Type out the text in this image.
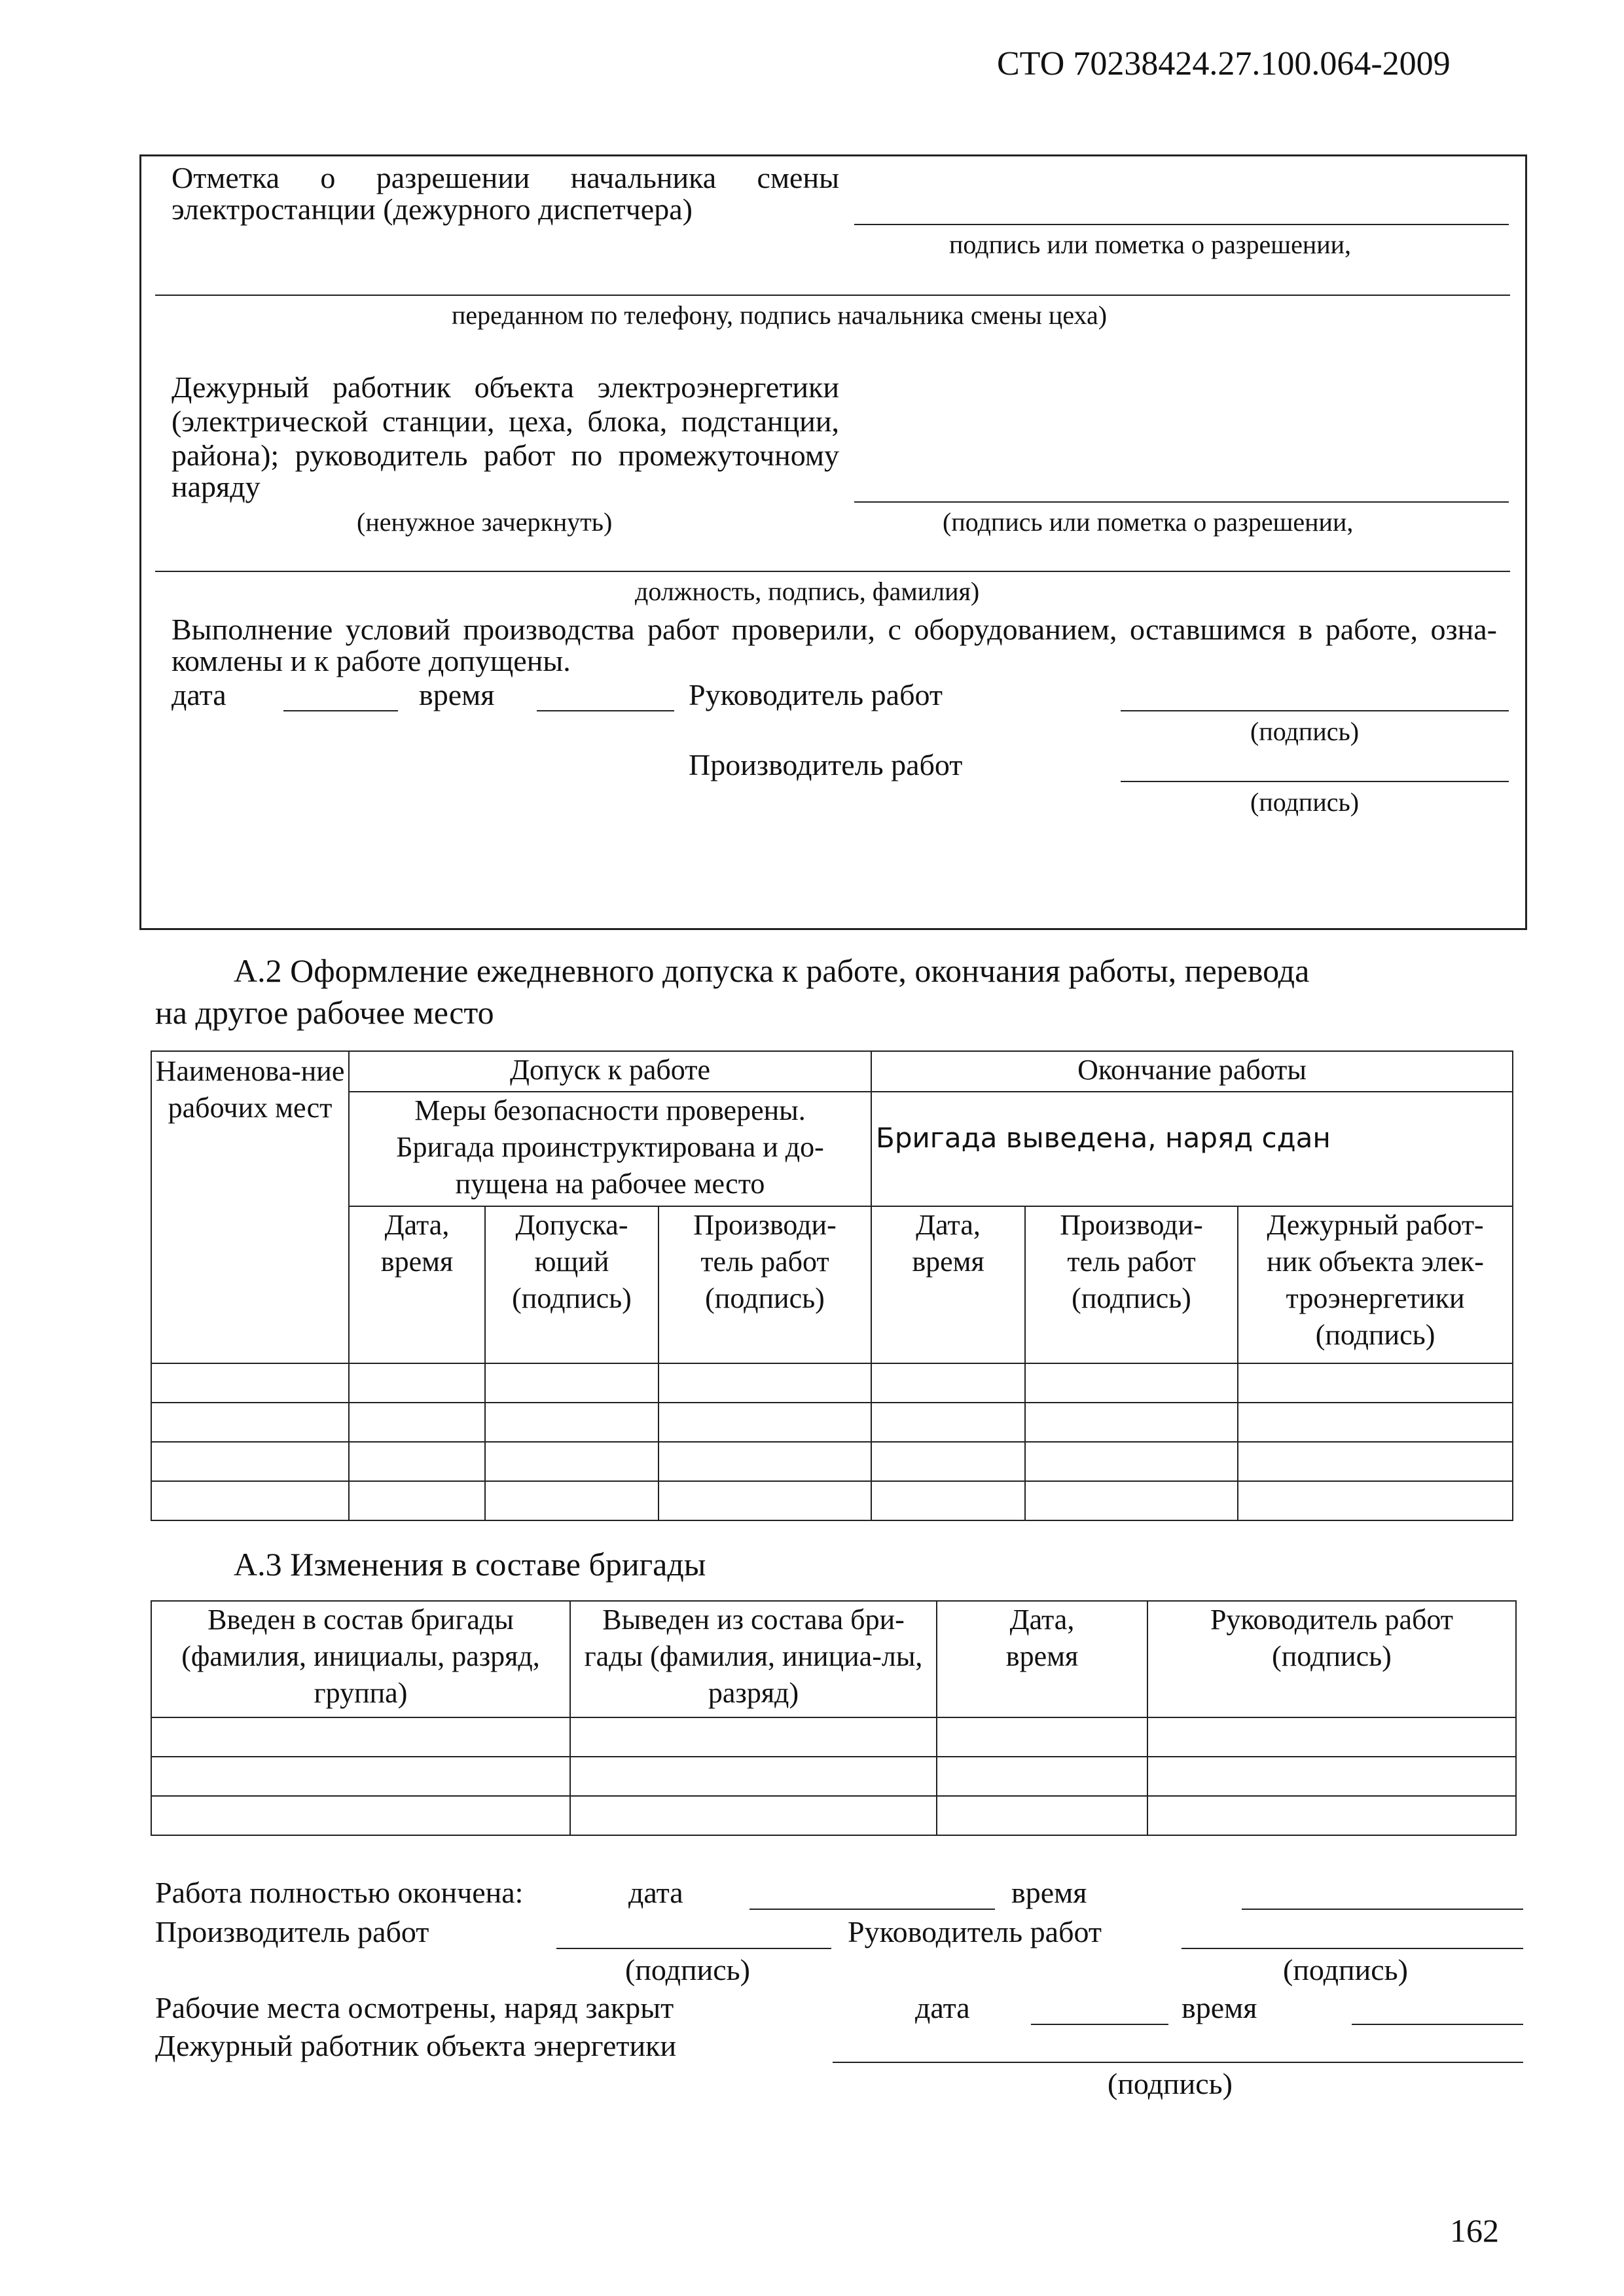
СТО 70238424.27.100.064-2009
Отметка о разрешении начальника смены
электростанции (дежурного диспетчера)
подпись или пометка о разрешении,
переданном по телефону, подпись начальника смены цеха)
Дежурный работник объекта электроэнергетики
(электрической станции, цеха, блока, подстанции,
района); руководитель работ по промежуточному
наряду
(ненужное зачеркнуть)	(подпись или пометка о разрешении,
должность, подпись, фамилия)
Выполнение условий производства работ проверили, с оборудованием, оставшимся в работе, озна-
комлены и к работе допущены.
дата	время	Руководитель работ
(подпись)
Производитель работ
(подпись)
А.2 Оформление ежедневного допуска к работе, окончания работы, перевода
на другое рабочее место
Наименова-ние рабочих мест	Допуск к работе			Окончание работы		
	Меры безопасности проверены. Бригада проинструктирована и до-пущена на рабочее место			Бригада выведена, наряд сдан		
	Дата, время	Допуска-ющий (подпись)	Производи-тель работ (подпись)	Дата, время	Производи-тель работ (подпись)	Дежурный работ-ник объекта элек-троэнергетики (подпись)

А.3 Изменения в составе бригады
Введен в состав бригады (фамилия, инициалы, разряд, группа)	Выведен из состава бри-гады (фамилия, инициа-лы, разряд)	Дата, время	Руководитель работ (подпись)

Работа полностью окончена:	дата	время
Производитель работ	Руководитель работ
(подпись)	(подпись)
Рабочие места осмотрены, наряд закрыт	дата	время
Дежурный работник объекта энергетики
(подпись)
162
